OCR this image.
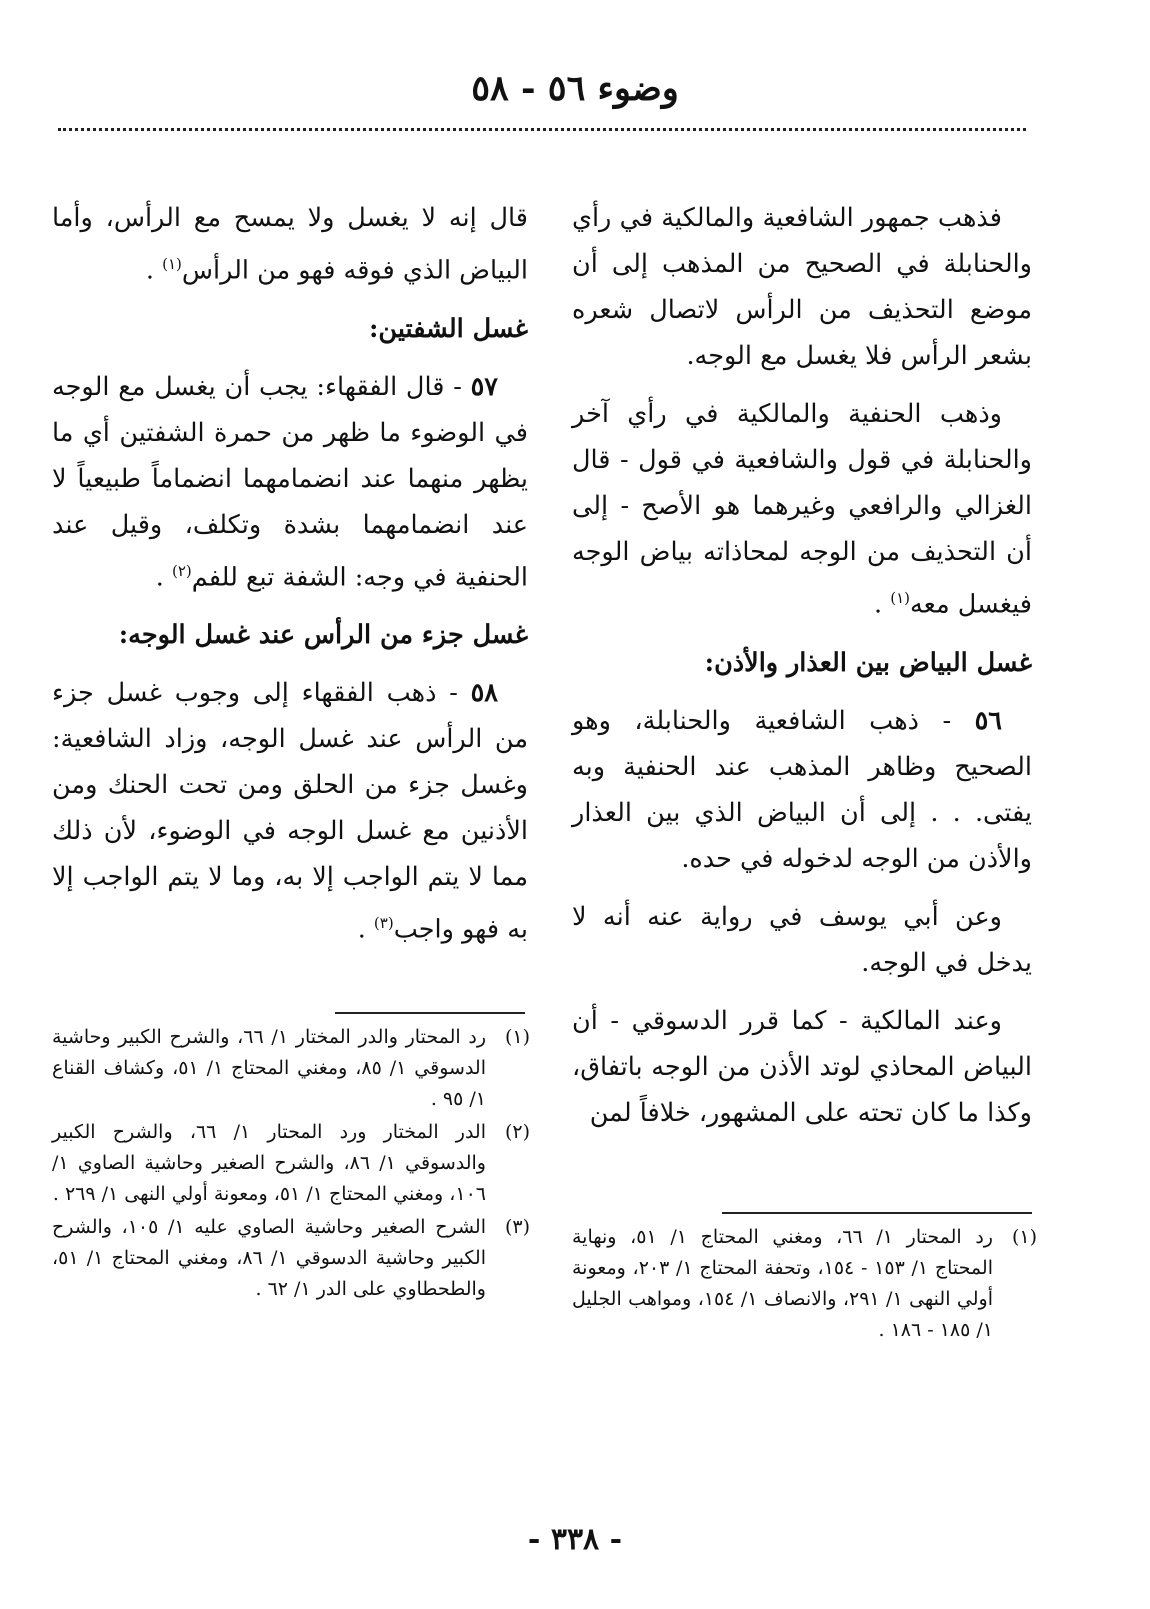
وضوء ٥٦ - ٥٨

فذهب جمهور الشافعية والمالكية في رأي والحنابلة في الصحيح من المذهب إلى أن موضع التحذيف من الرأس لاتصال شعره بشعر الرأس فلا يغسل مع الوجه.

وذهب الحنفية والمالكية في رأي آخر والحنابلة في قول والشافعية في قول - قال الغزالي والرافعي وغيرهما هو الأصح - إلى أن التحذيف من الوجه لمحاذاته بياض الوجه فيغسل معه$^{(١)}$ .

غسل البياض بين العذار والأذن:

٥٦ - ذهب الشافعية والحنابلة، وهو الصحيح وظاهر المذهب عند الحنفية وبه يفتى. . . إلى أن البياض الذي بين العذار والأذن من الوجه لدخوله في حده.

وعن أبي يوسف في رواية عنه أنه لا يدخل في الوجه.

وعند المالكية - كما قرر الدسوقي - أن البياض المحاذي لوتد الأذن من الوجه باتفاق، وكذا ما كان تحته على المشهور، خلافاً لمن

قال إنه لا يغسل ولا يمسح مع الرأس، وأما البياض الذي فوقه فهو من الرأس$^{(١)}$ .

غسل الشفتين:

٥٧ - قال الفقهاء: يجب أن يغسل مع الوجه في الوضوء ما ظهر من حمرة الشفتين أي ما يظهر منهما عند انضمامهما انضماماً طبيعياً لا عند انضمامهما بشدة وتكلف، وقيل عند الحنفية في وجه: الشفة تبع للفم$^{(٢)}$ .

غسل جزء من الرأس عند غسل الوجه:

٥٨ - ذهب الفقهاء إلى وجوب غسل جزء من الرأس عند غسل الوجه، وزاد الشافعية: وغسل جزء من الحلق ومن تحت الحنك ومن الأذنين مع غسل الوجه في الوضوء، لأن ذلك مما لا يتم الواجب إلا به، وما لا يتم الواجب إلا به فهو واجب$^{(٣)}$ .

(١)
رد المحتار ١/ ٦٦، ومغني المحتاج ١/ ٥١، ونهاية المحتاج ١/ ١٥٣ - ١٥٤، وتحفة المحتاج ١/ ٢٠٣، ومعونة أولي النهى ١/ ٢٩١، والانصاف ١/ ١٥٤، ومواهب الجليل ١/ ١٨٥ - ١٨٦ .
(١)
رد المحتار والدر المختار ١/ ٦٦، والشرح الكبير وحاشية الدسوقي ١/ ٨٥، ومغني المحتاج ١/ ٥١، وكشاف القناع ١/ ٩٥ .
(٢)
الدر المختار ورد المحتار ١/ ٦٦، والشرح الكبير والدسوقي ١/ ٨٦، والشرح الصغير وحاشية الصاوي ١/ ١٠٦، ومغني المحتاج ١/ ٥١، ومعونة أولي النهى ١/ ٢٦٩ .
(٣)
الشرح الصغير وحاشية الصاوي عليه ١/ ١٠٥، والشرح الكبير وحاشية الدسوقي ١/ ٨٦، ومغني المحتاج ١/ ٥١، والطحطاوي على الدر ١/ ٦٢ .
- ٣٣٨ -
